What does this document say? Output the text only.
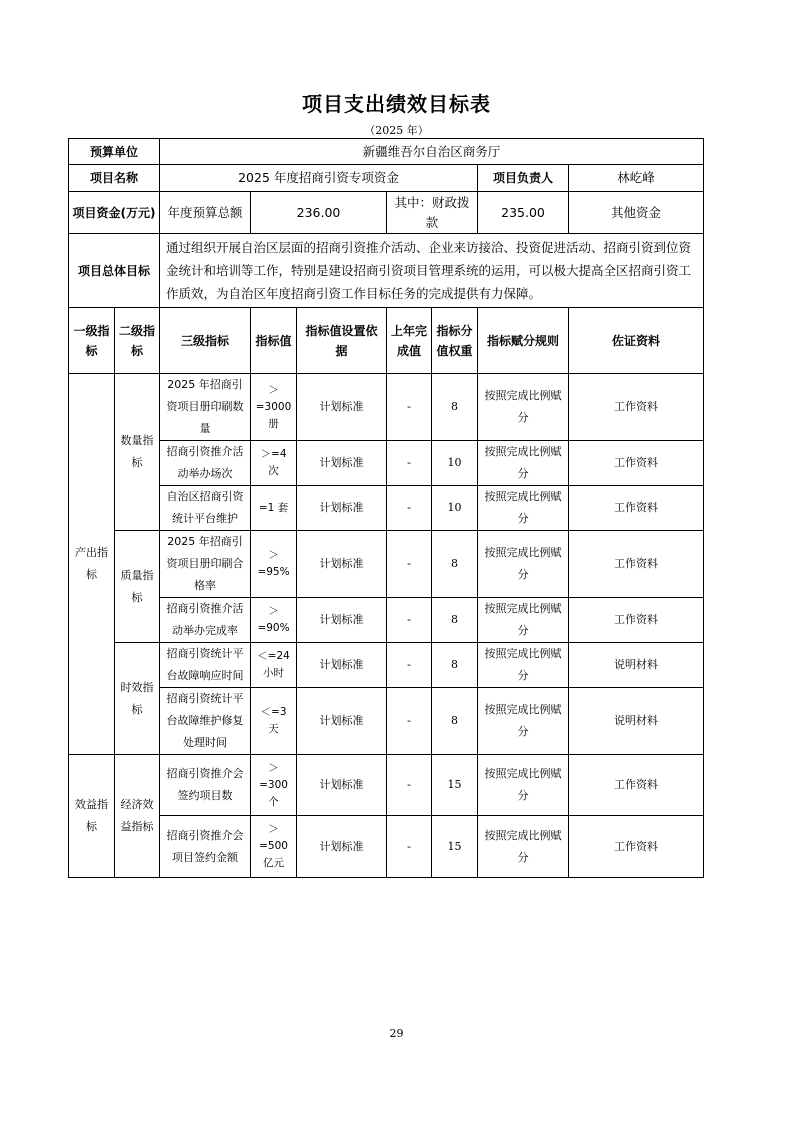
项目支出绩效目标表
（2025 年）
预算单位		新疆维吾尔自治区商务厅						
项目名称		2025 年度招商引资专项资金					项目负责人	林屹峰
项目资金(万元)		年度预算总额	236.00		其中：财政拨款		235.00	其他资金
项目总体目标		通过组织开展自治区层面的招商引资推介活动、企业来访接洽、投资促进活动、招商引资到位资金统计和培训等工作，特别是建设招商引资项目管理系统的运用，可以极大提高全区招商引资工作质效，为自治区年度招商引资工作目标任务的完成提供有力保障。						
一级指标	二级指标	三级指标	指标值	指标值设置依据	上年完成值	指标分值权重	指标赋分规则	佐证资料
产出指标	数量指标	2025 年招商引资项目册印刷数量	＞=3000 册	计划标准	-	8	按照完成比例赋分	工作资料
		招商引资推介活动举办场次	＞=4 次	计划标准	-	10	按照完成比例赋分	工作资料
		自治区招商引资统计平台维护	=1 套	计划标准	-	10	按照完成比例赋分	工作资料
	质量指标	2025 年招商引资项目册印刷合格率	＞=95%	计划标准	-	8	按照完成比例赋分	工作资料
		招商引资推介活动举办完成率	＞=90%	计划标准	-	8	按照完成比例赋分	工作资料
	时效指标	招商引资统计平台故障响应时间	＜=24 小时	计划标准	-	8	按照完成比例赋分	说明材料
		招商引资统计平台故障维护修复处理时间	＜=3 天	计划标准	-	8	按照完成比例赋分	说明材料
效益指标	经济效益指标	招商引资推介会签约项目数	＞=300 个	计划标准	-	15	按照完成比例赋分	工作资料
		招商引资推介会项目签约金额	＞=500 亿元	计划标准	-	15	按照完成比例赋分	工作资料
29
